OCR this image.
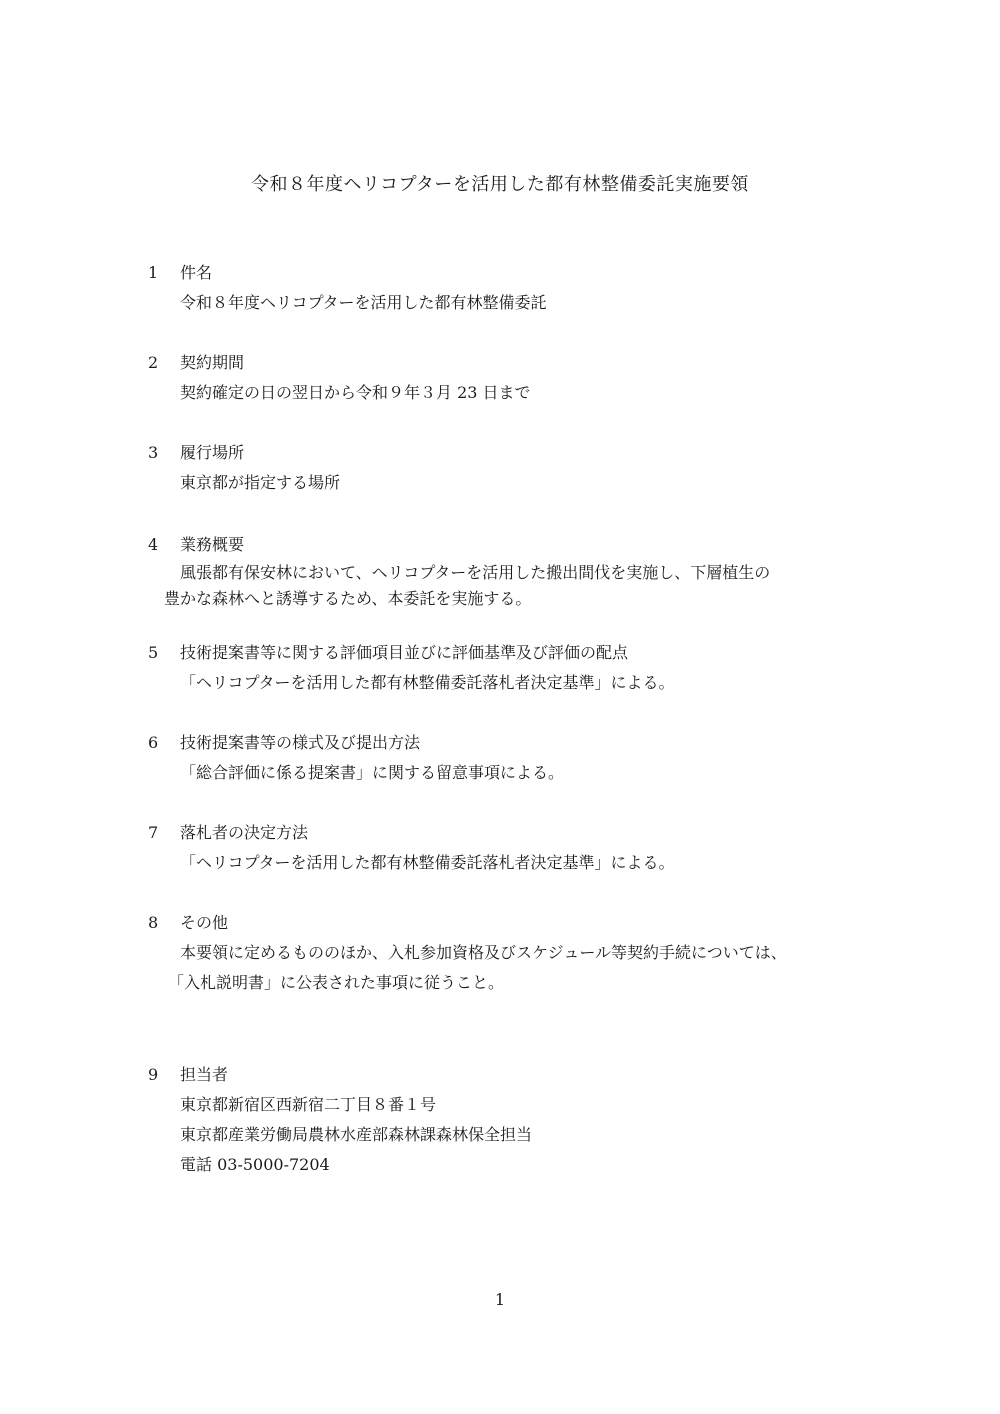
令和８年度ヘリコプターを活用した都有林整備委託実施要領
1	件名
令和８年度ヘリコプターを活用した都有林整備委託
2	契約期間
契約確定の日の翌日から令和９年３月 23 日まで
3	履行場所
東京都が指定する場所
4	業務概要
風張都有保安林において、ヘリコプターを活用した搬出間伐を実施し、下層植生の
豊かな森林へと誘導するため、本委託を実施する。
5	技術提案書等に関する評価項目並びに評価基準及び評価の配点
「ヘリコプターを活用した都有林整備委託落札者決定基準」による。
6	技術提案書等の様式及び提出方法
「総合評価に係る提案書」に関する留意事項による。
7	落札者の決定方法
「ヘリコプターを活用した都有林整備委託落札者決定基準」による。
8	その他
本要領に定めるもののほか、入札参加資格及びスケジュール等契約手続については、
「入札説明書」に公表された事項に従うこと。
9	担当者
東京都新宿区西新宿二丁目８番１号
東京都産業労働局農林水産部森林課森林保全担当
電話 03-5000-7204
1
